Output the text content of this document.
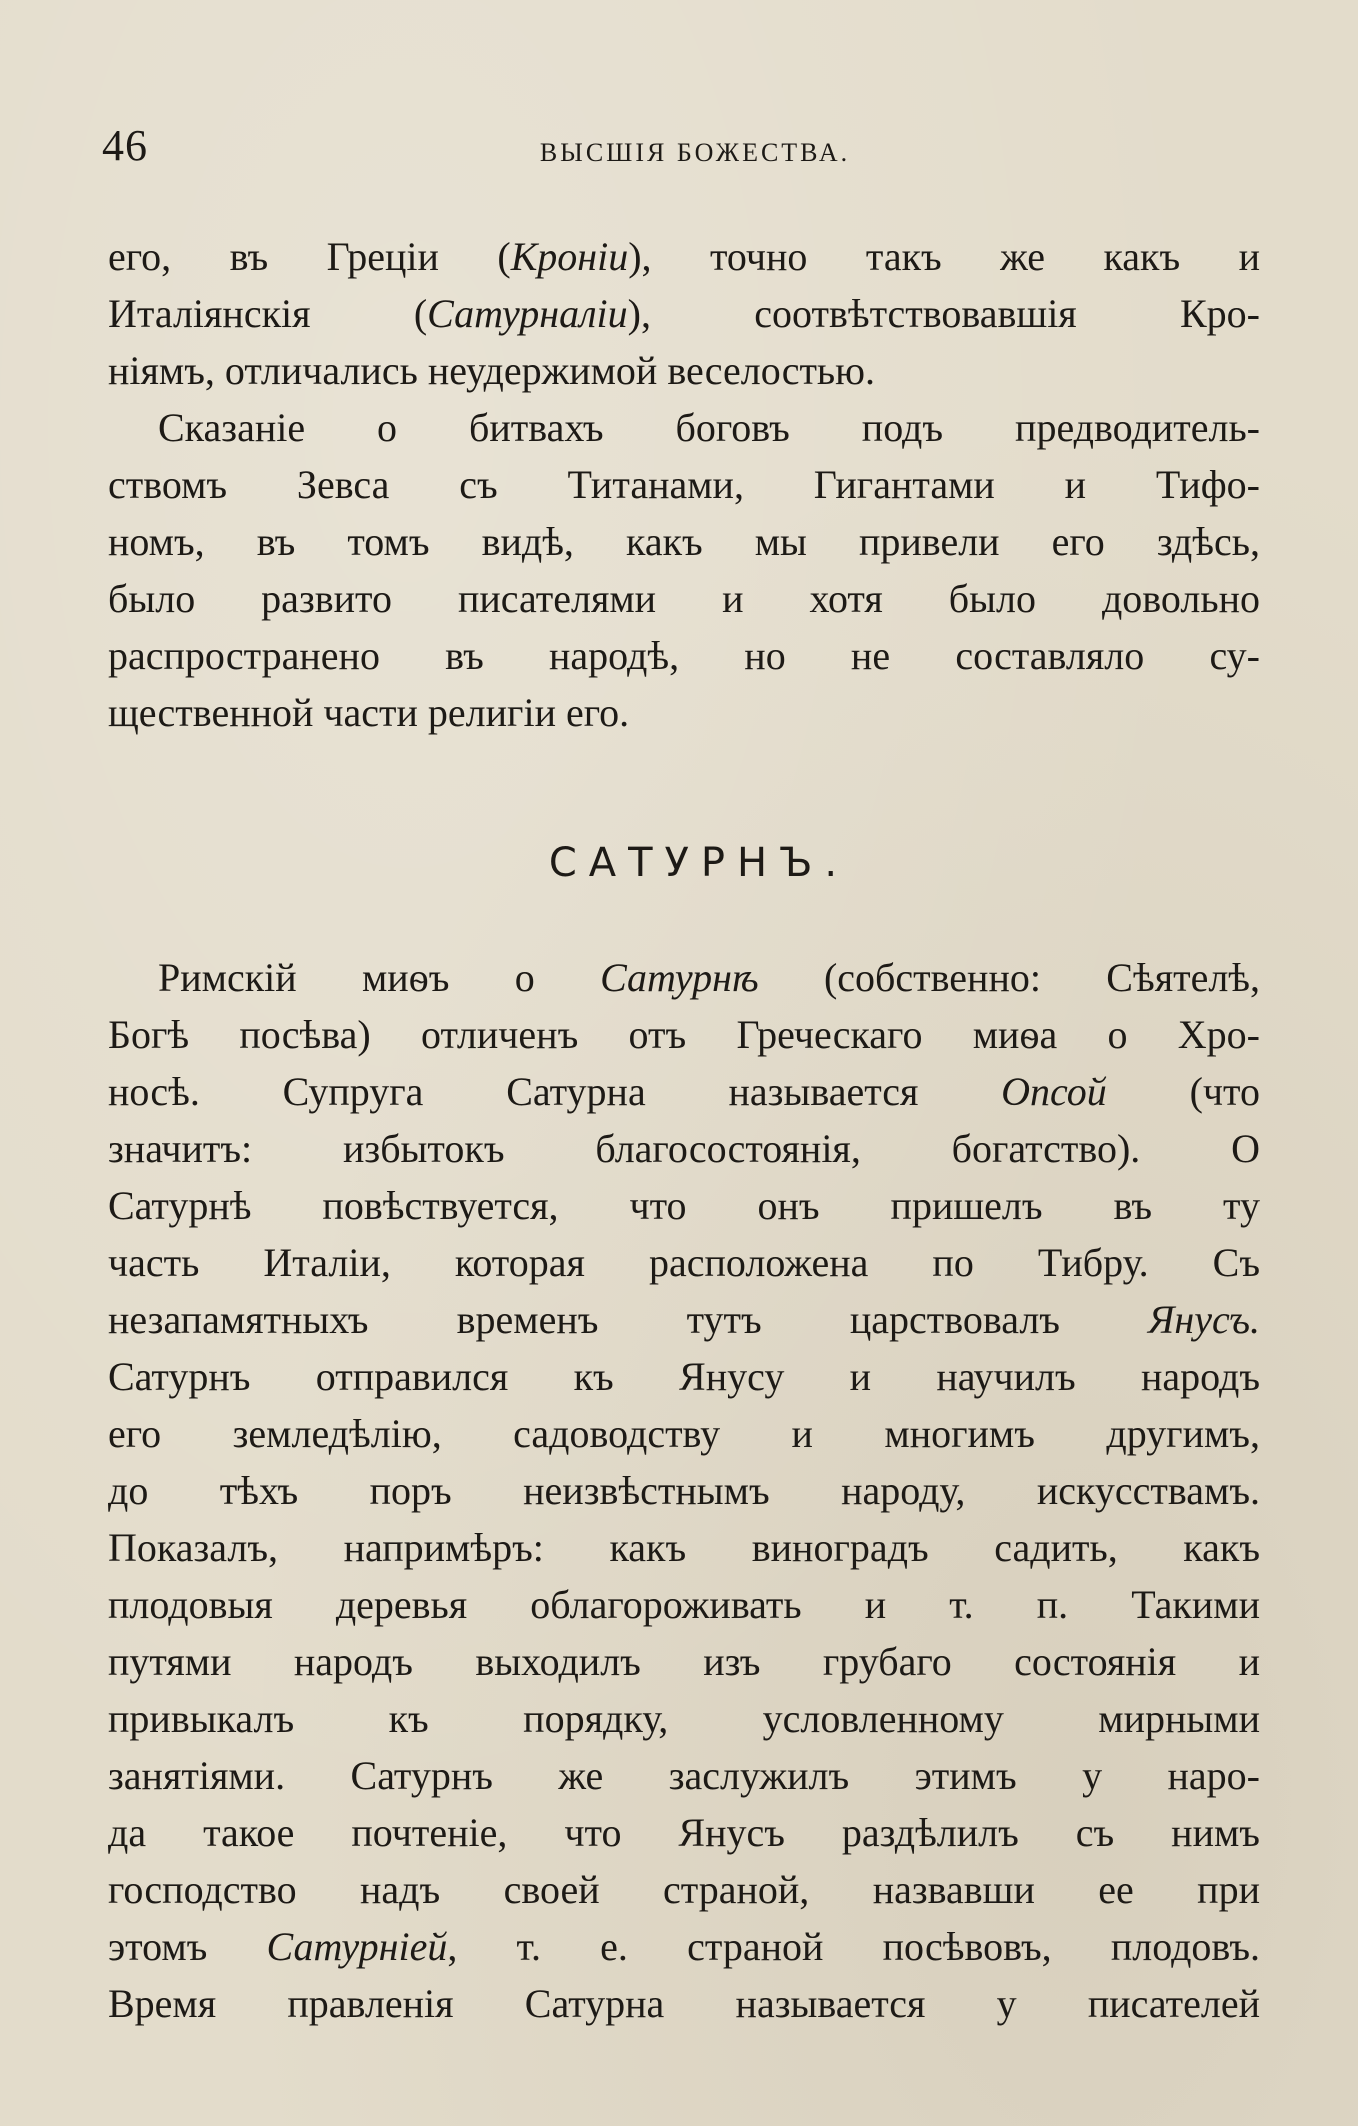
46	ВЫСШІЯ БОЖЕСТВА.
его, въ Греціи (Кроніи), точно такъ же какъ и
Италіянскія (Сатурналіи), соотвѣтствовавшія Кро-
ніямъ, отличались неудержимой веселостью.
Сказаніе о битвахъ боговъ подъ предводитель-
ствомъ Зевса съ Титанами, Гигантами и Тифо-
номъ, въ томъ видѣ, какъ мы привели его здѣсь,
было развито писателями и хотя было довольно
распространено въ народѣ, но не составляло су-
щественной части религіи его.
САТУРНЪ.
Римскій миѳъ о Сатурнѣ (собственно: Сѣятелѣ,
Богѣ посѣва) отличенъ отъ Греческаго миѳа о Хро-
носѣ. Супруга Сатурна называется Опсой (что
значитъ: избытокъ благосостоянія, богатство). О
Сатурнѣ повѣствуется, что онъ пришелъ въ ту
часть Италіи, которая расположена по Тибру. Съ
незапамятныхъ временъ тутъ царствовалъ Янусъ.
Сатурнъ отправился къ Янусу и научилъ народъ
его земледѣлію, садоводству и многимъ другимъ,
до тѣхъ поръ неизвѣстнымъ народу, искусствамъ.
Показалъ, напримѣръ: какъ виноградъ садить, какъ
плодовыя деревья облагороживать и т. п. Такими
путями народъ выходилъ изъ грубаго состоянія и
привыкалъ къ порядку, условленному мирными
занятіями. Сатурнъ же заслужилъ этимъ у наро-
да такое почтеніе, что Янусъ раздѣлилъ съ нимъ
господство надъ своей страной, назвавши ее при
этомъ Сатурніей, т. е. страной посѣвовъ, плодовъ.
Время правленія Сатурна называется у писателей
